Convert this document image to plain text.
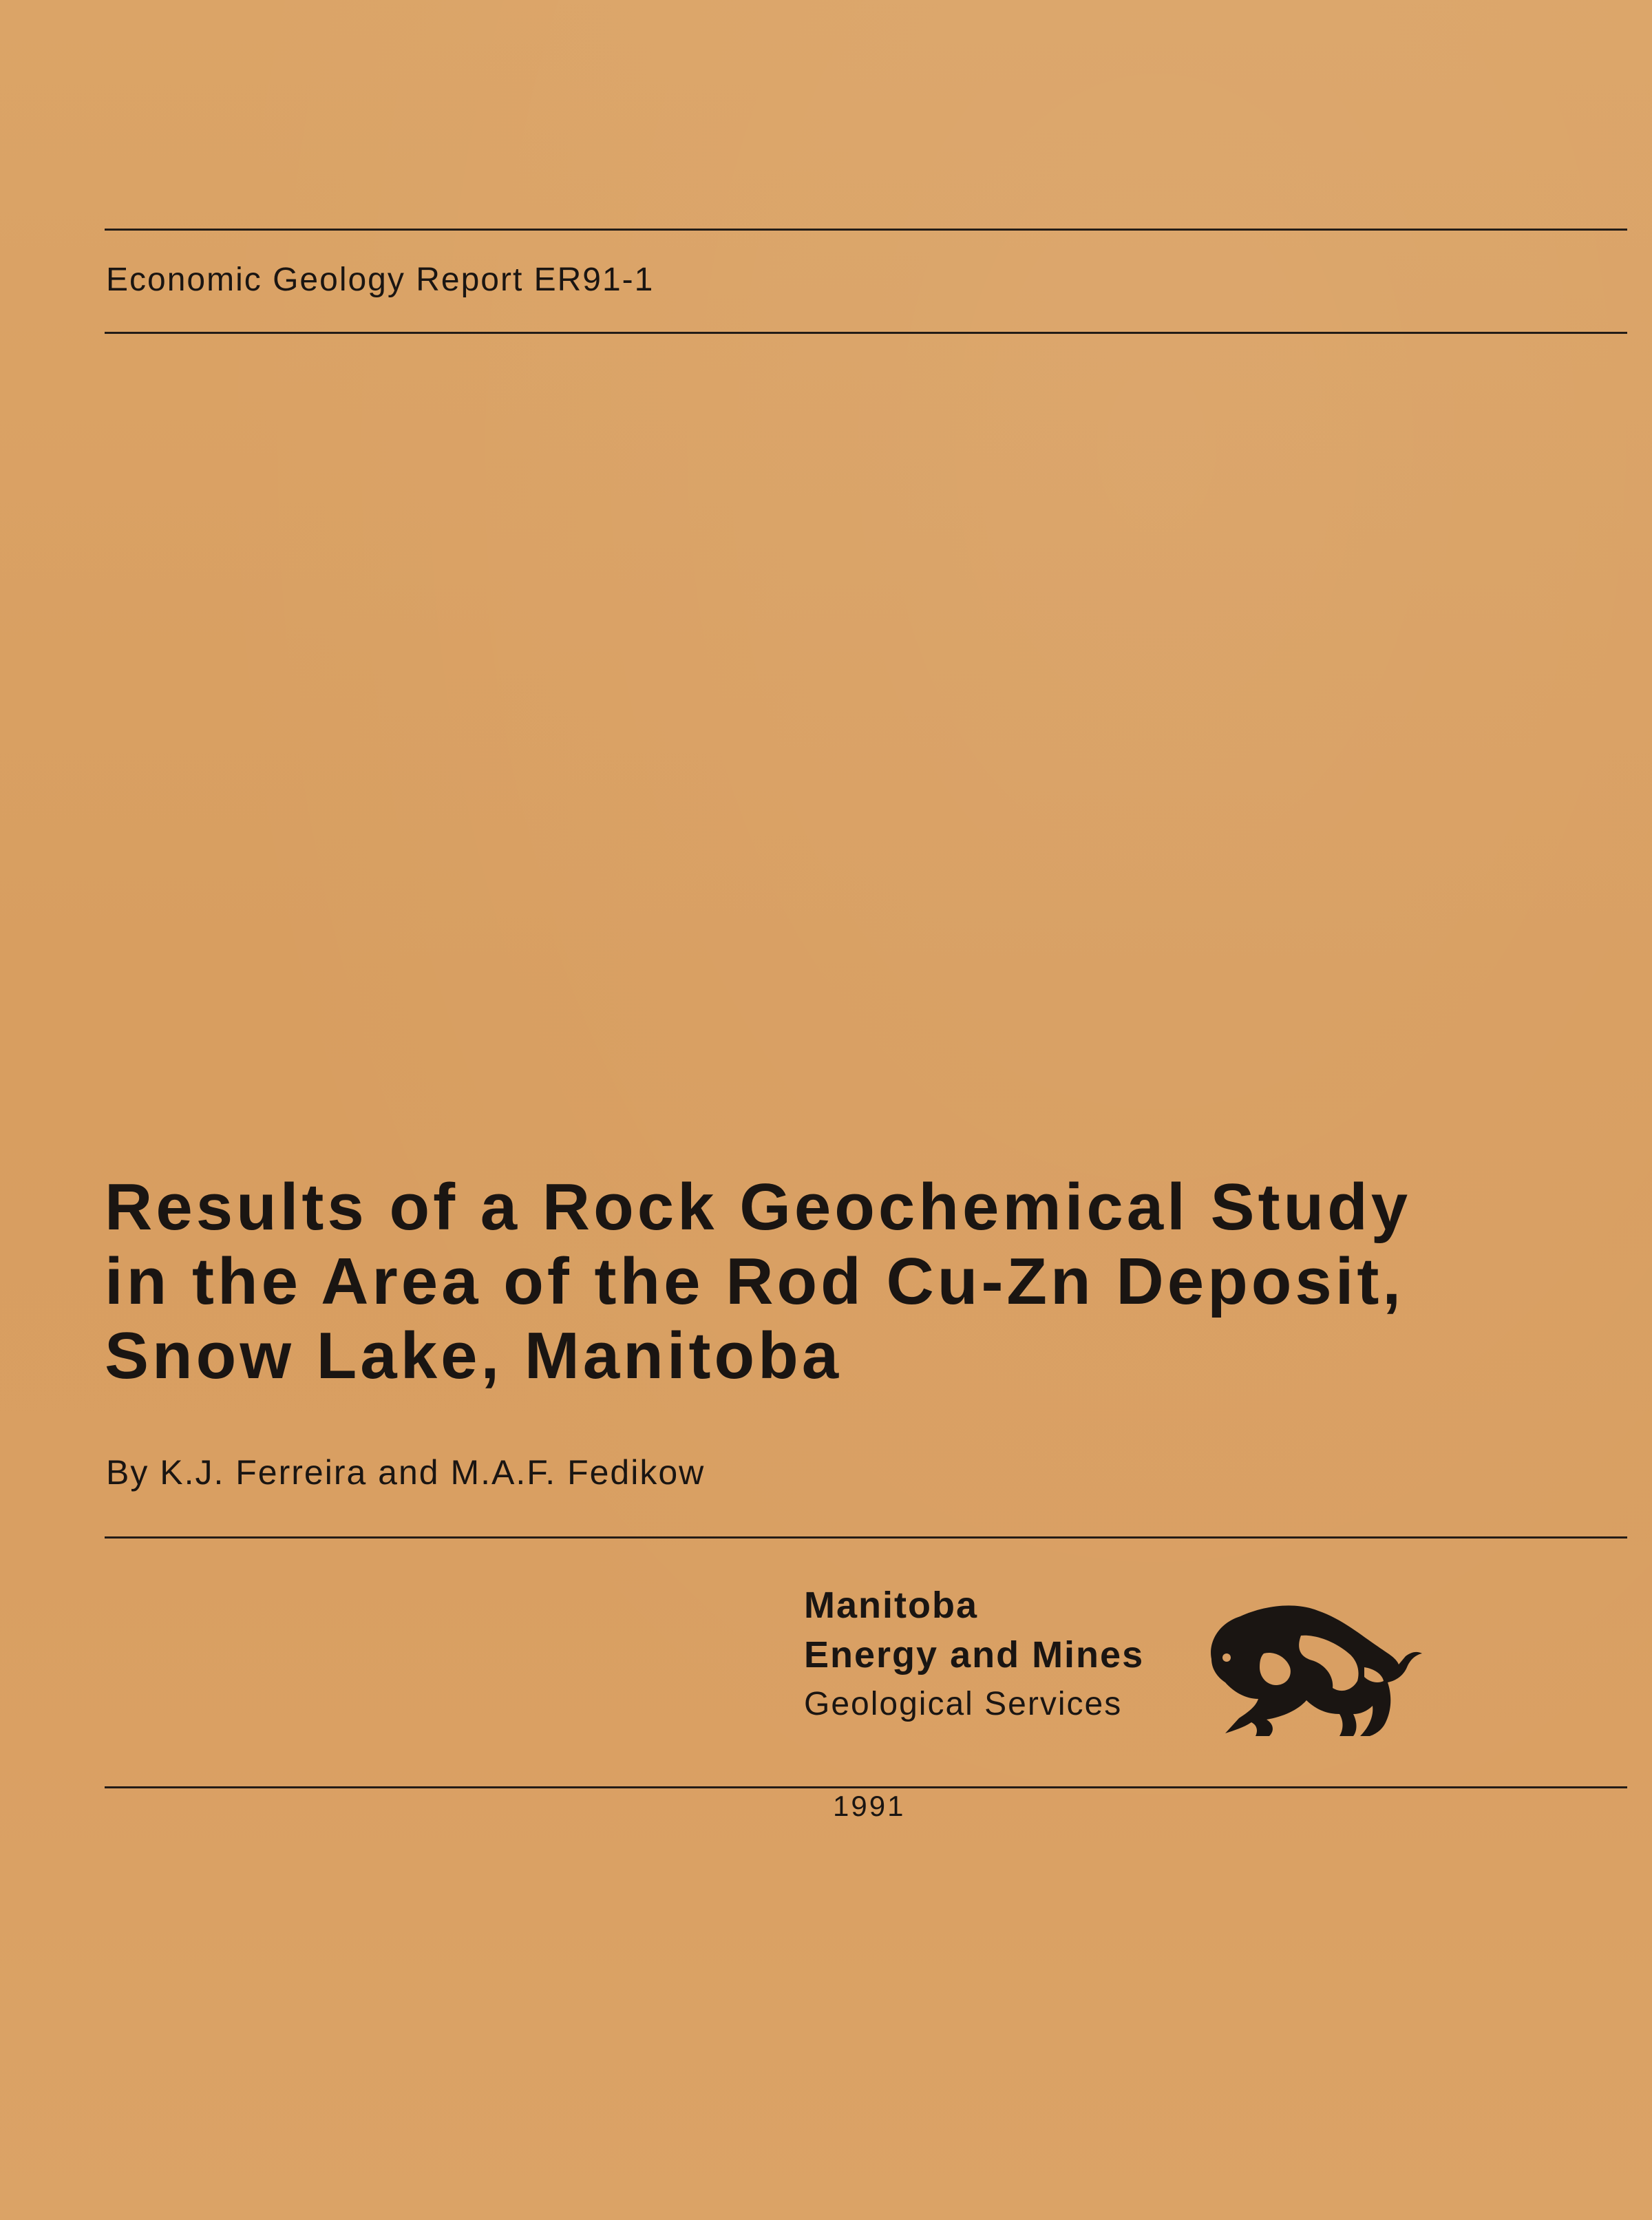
Economic Geology Report ER91-1
Results of a Rock Geochemical Study
in the Area of the Rod Cu-Zn Deposit,
Snow Lake, Manitoba
By K.J. Ferreira and M.A.F. Fedikow
Manitoba
Energy and Mines
Geological Services
1991
